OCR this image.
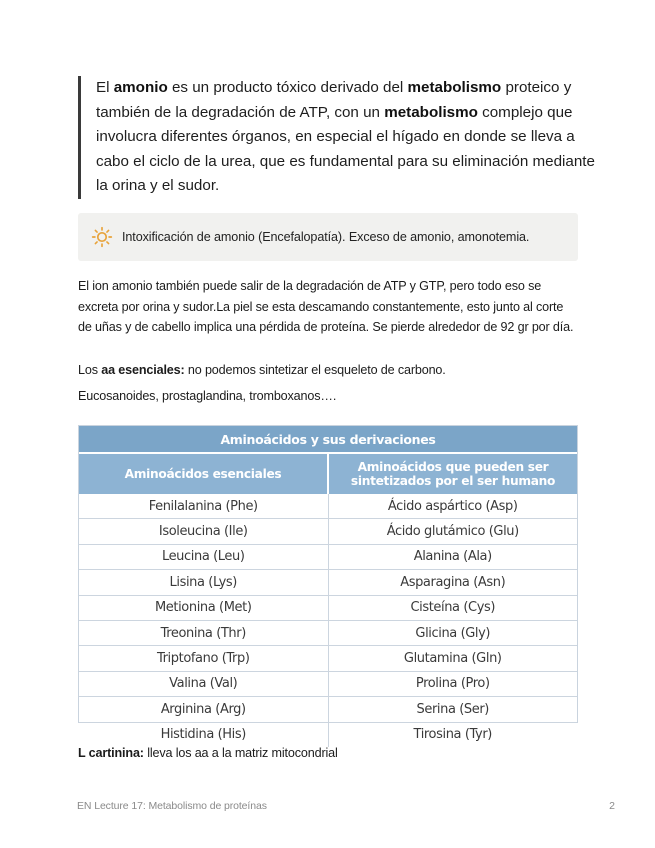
El amonio es un producto tóxico derivado del metabolismo proteico y también de la degradación de ATP, con un metabolismo complejo que involucra diferentes órganos, en especial el hígado en donde se lleva a cabo el ciclo de la urea, que es fundamental para su eliminación mediante la orina y el sudor.
Intoxificación de amonio (Encefalopatía). Exceso de amonio, amonotemia.
El ion amonio también puede salir de la degradación de ATP y GTP, pero todo eso se excreta por orina y sudor.La piel se esta descamando constantemente, esto junto al corte de uñas y de cabello implica una pérdida de proteína. Se pierde alrededor de 92 gr por día.
Los aa esenciales: no podemos sintetizar el esqueleto de carbono.
Eucosanoides, prostaglandina, tromboxanos….
Aminoácidos y sus derivaciones	
Aminoácidos esenciales	Aminoácidos que pueden ser sintetizados por el ser humano
Fenilalanina (Phe)	Ácido aspártico (Asp)
Isoleucina (Ile)	Ácido glutámico (Glu)
Leucina (Leu)	Alanina (Ala)
Lisina (Lys)	Asparagina (Asn)
Metionina (Met)	Cisteína (Cys)
Treonina (Thr)	Glicina (Gly)
Triptofano (Trp)	Glutamina (Gln)
Valina (Val)	Prolina (Pro)
Arginina (Arg)	Serina (Ser)
Histidina (His)	Tirosina (Tyr)
L cartinina: lleva los aa a la matriz mitocondrial
EN Lecture 17: Metabolismo de proteínas	2
